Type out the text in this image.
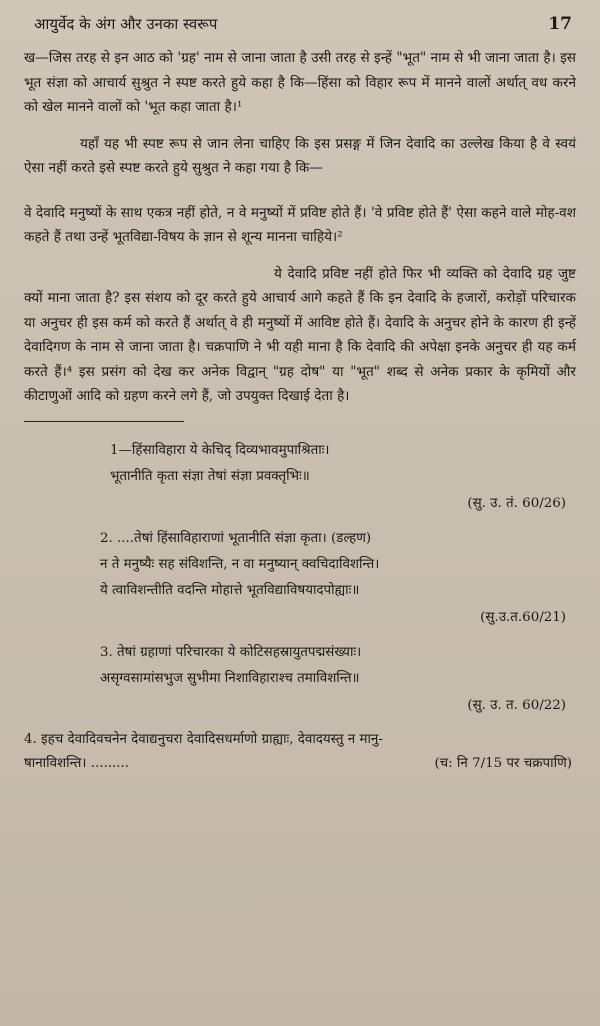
आयुर्वेद के अंग और उनका स्वरूप	17

ख—जिस तरह से इन आठ को 'ग्रह' नाम से जाना जाता है उसी तरह से इन्हें "भूत" नाम से भी जाना जाता है। इस भूत संज्ञा को आचार्य सुश्रुत ने स्पष्ट करते हुये कहा है कि—हिंसा को विहार रूप में मानने वालों अर्थात् वध करने को खेल मानने वालों को 'भूत कहा जाता है।¹

यहाँ यह भी स्पष्ट रूप से जान लेना चाहिए कि इस प्रसङ्ग में जिन देवादि का उल्लेख किया है वे स्वयं ऐसा नहीं करते इसे स्पष्ट करते हुये सुश्रुत ने कहा गया है कि—

वे देवादि मनुष्यों के साथ एकत्र नहीं होते, न वे मनुष्यों में प्रविष्ट होते हैं। 'वे प्रविष्ट होते हैं' ऐसा कहने वाले मोह-वश कहते हैं तथा उन्हें भूतविद्या-विषय के ज्ञान से शून्य मानना चाहिये।²

ये देवादि प्रविष्ट नहीं होते फिर भी व्यक्ति को देवादि ग्रह जुष्ट क्यों माना जाता है? इस संशय को दूर करते हुये आचार्य आगे कहते हैं कि इन देवादि के हजारों, करोड़ों परिचारक या अनुचर ही इस कर्म को करते हैं अर्थात् वे ही मनुष्यों में आविष्ट होते हैं। देवादि के अनुचर होने के कारण ही इन्हें देवादिगण के नाम से जाना जाता है। चक्रपाणि ने भी यही माना है कि देवादि की अपेक्षा इनके अनुचर ही यह कर्म करते हैं।⁴ इस प्रसंग को देख कर अनेक विद्वान् "ग्रह दोष" या "भूत" शब्द से अनेक प्रकार के कृमियों और कीटाणुओं आदि को ग्रहण करने लगे हैं, जो उपयुक्त दिखाई देता है।

1—हिंसाविहारा ये केचिद् दिव्यभावमुपाश्रिताः।
भूतानीति कृता संज्ञा तेषां संज्ञा प्रवक्तृभिः॥
(सु. उ. तं. 60/26)
2. ....तेषां हिंसाविहाराणां भूतानीति संज्ञा कृता। (डल्हण)
न ते मनुष्यैः सह संविशन्ति, न वा मनुष्यान् क्वचिदाविशन्ति।
ये त्वाविशन्तीति वदन्ति मोहात्ते भूतविद्याविषयादपोह्याः॥
(सु.उ.त.60/21)
3. तेषां ग्रहाणां परिचारका ये कोटिसहस्रायुतपद्मसंख्याः।
असृग्वसामांसभुज सुभीमा निशाविहाराश्च तमाविशन्ति॥
(सु. उ. त. 60/22)
4. इहच देवादिवचनेन देवाद्यनुचरा देवादिसधर्माणो ग्राह्याः, देवादयस्तु न मानु-
षानाविशन्ति। .........	(च: नि 7/15 पर चक्रपाणि)
